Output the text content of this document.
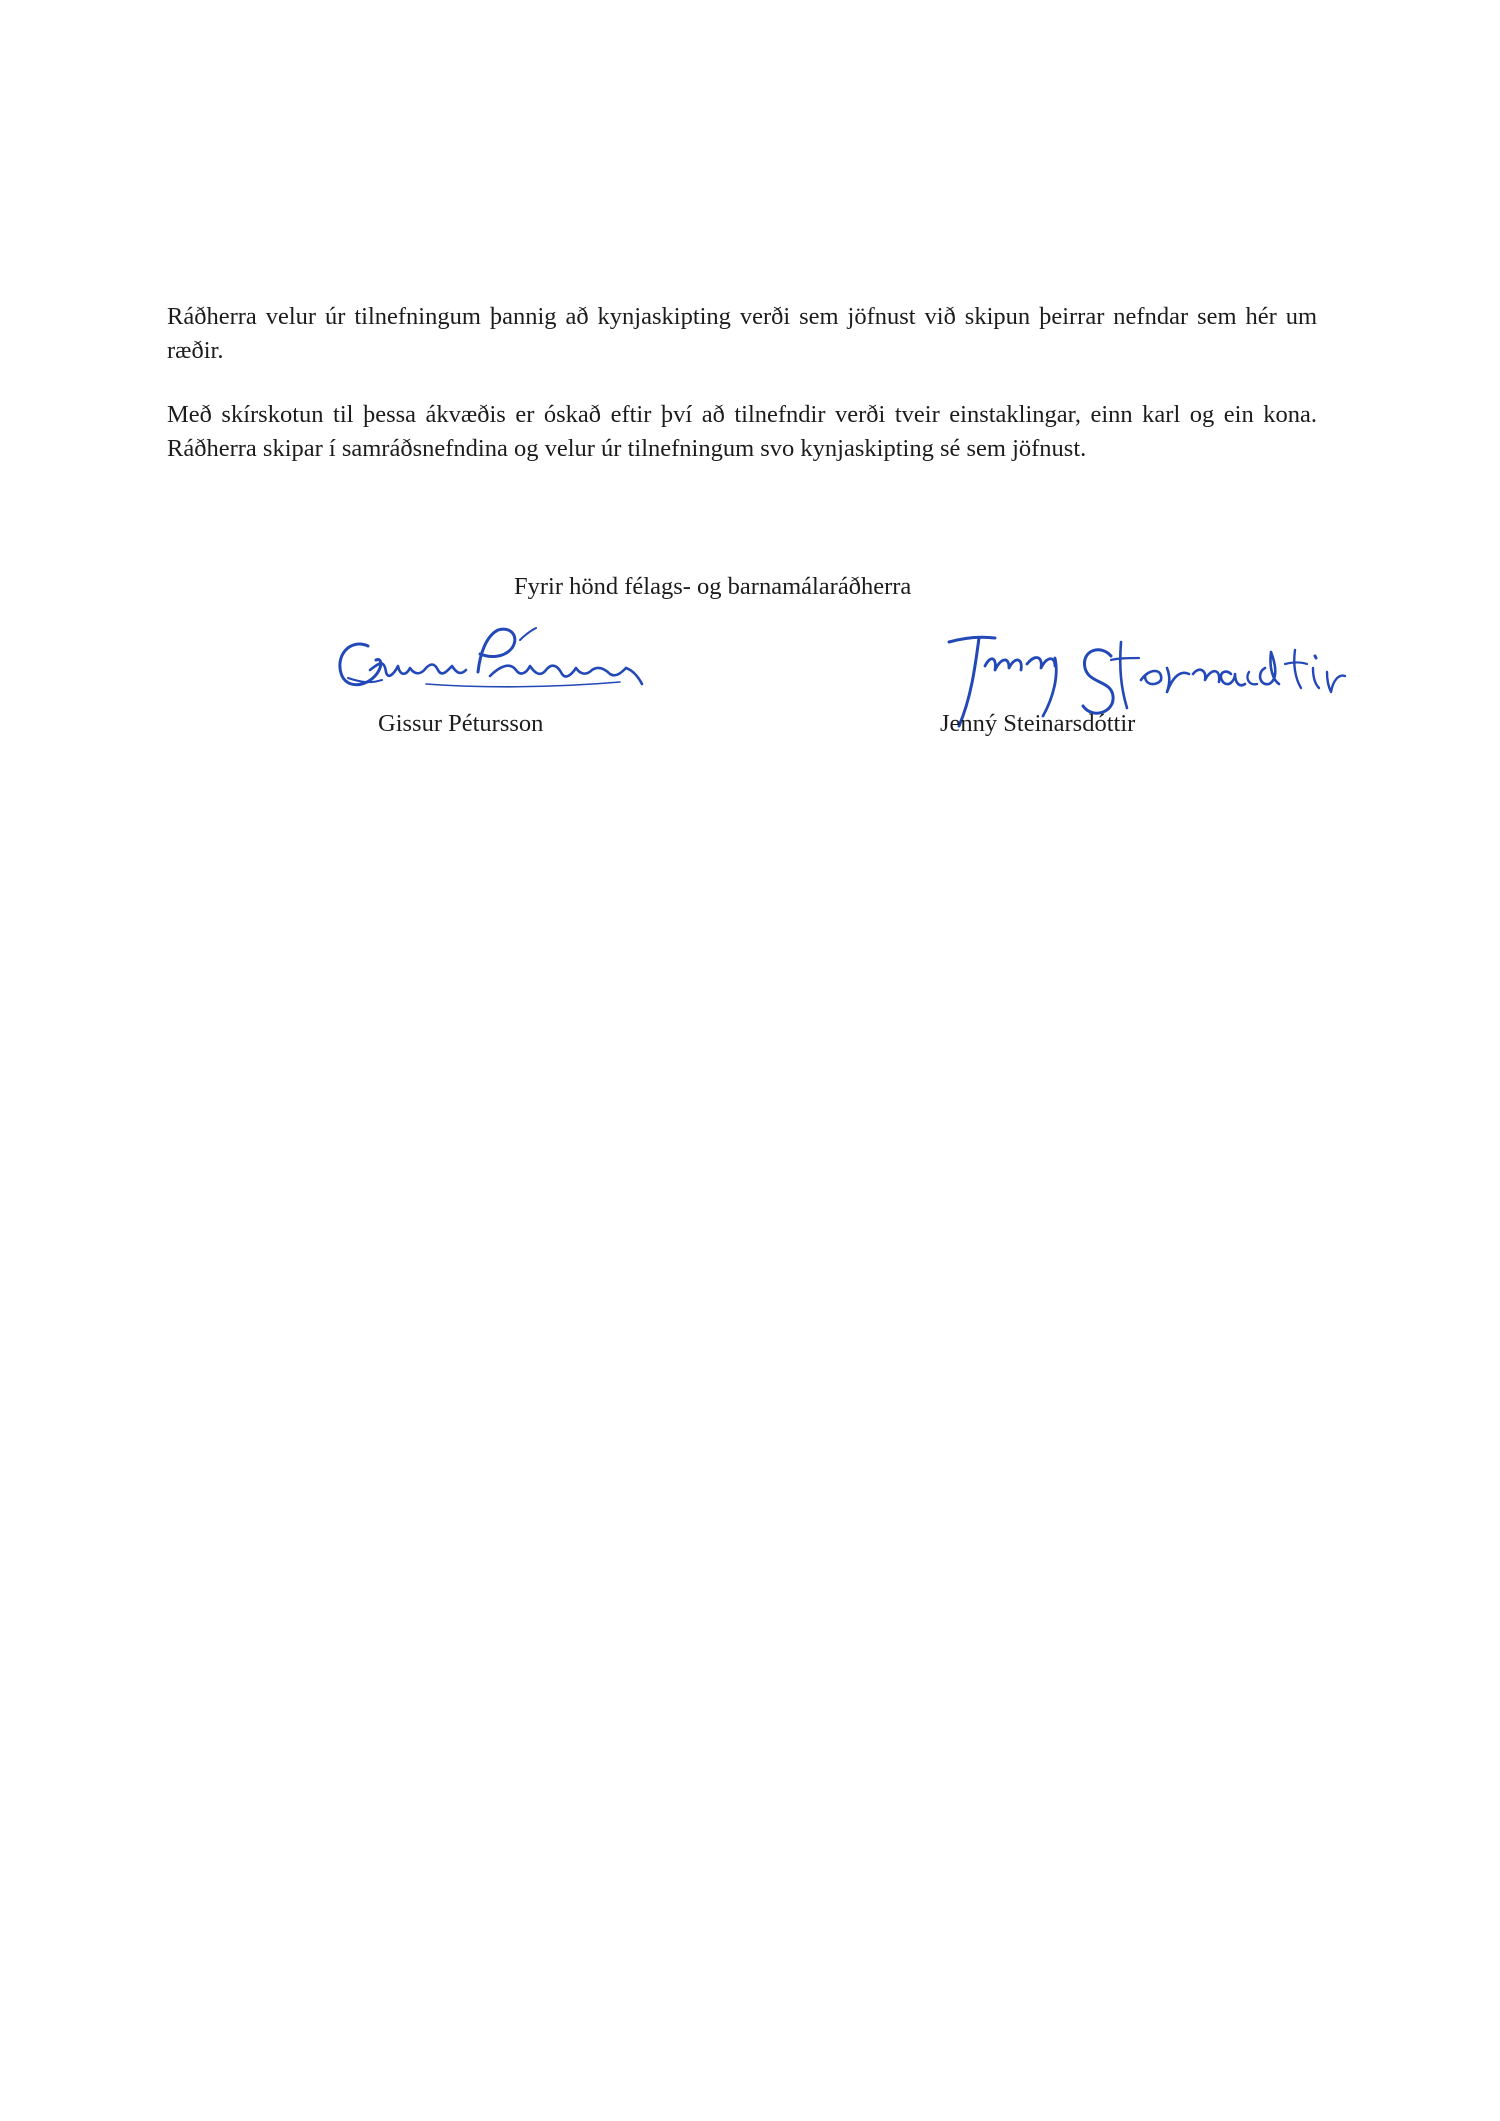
Ráðherra velur úr tilnefningum þannig að kynjaskipting verði sem jöfnust við skipun þeirrar nefndar sem hér um ræðir.

Með skírskotun til þessa ákvæðis er óskað eftir því að tilnefndir verði tveir einstaklingar, einn karl og ein kona. Ráðherra skipar í samráðsnefndina og velur úr tilnefningum svo kynjaskipting sé sem jöfnust.

Fyrir hönd félags- og barnamálaráðherra
Gissur Pétursson	Jenný Steinarsdóttir
